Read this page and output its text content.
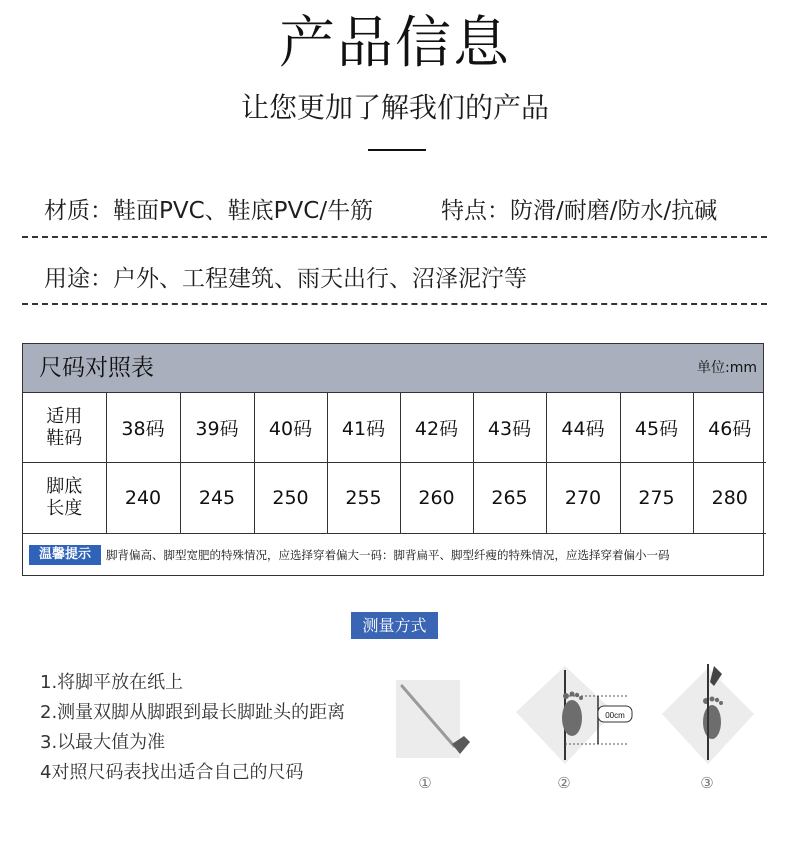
产品信息
让您更加了解我们的产品
材质：鞋面PVC、鞋底PVC/牛筋	特点：防滑/耐磨/防水/抗碱
用途：户外、工程建筑、雨天出行、沼泽泥泞等
尺码对照表	单位:mm
适用
鞋码	38码	39码	40码	41码	42码	43码	44码	45码	46码
脚底
长度	240	245	250	255	260	265	270	275	280
温馨提示	脚背偏高、脚型宽肥的特殊情况，应选择穿着偏大一码：脚背扁平、脚型纤瘦的特殊情况，应选择穿着偏小一码
测量方式
1.将脚平放在纸上
2.测量双脚从脚跟到最长脚趾头的距离
3.以最大值为准
4对照尺码表找出适合自己的尺码	①
00cm
②	③
